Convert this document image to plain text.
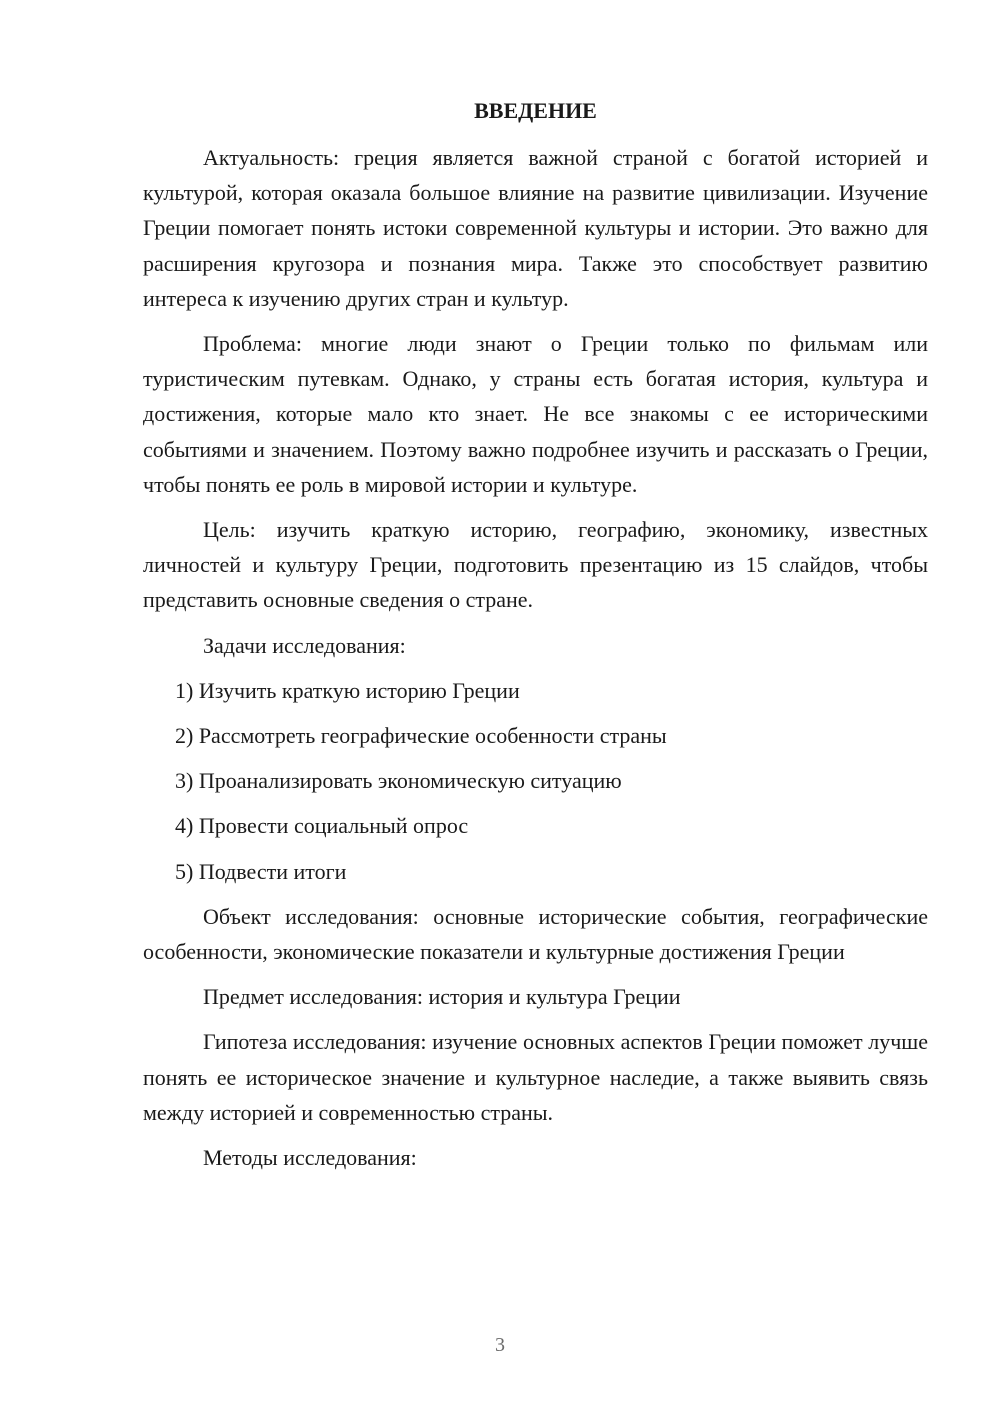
ВВЕДЕНИЕ

Актуальность: греция является важной страной с богатой историей и культурой, которая оказала большое влияние на развитие цивилизации. Изучение Греции помогает понять истоки современной культуры и истории. Это важно для расширения кругозора и познания мира. Также это способствует развитию интереса к изучению других стран и культур.

Проблема: многие люди знают о Греции только по фильмам или туристическим путевкам. Однако, у страны есть богатая история, культура и достижения, которые мало кто знает. Не все знакомы с ее историческими событиями и значением. Поэтому важно подробнее изучить и рассказать о Греции, чтобы понять ее роль в мировой истории и культуре.

Цель: изучить краткую историю, географию, экономику, известных личностей и культуру Греции, подготовить презентацию из 15 слайдов, чтобы представить основные сведения о стране.

Задачи исследования:

1) Изучить краткую историю Греции
2) Рассмотреть географические особенности страны
3) Проанализировать экономическую ситуацию
4) Провести социальный опрос
5) Подвести итоги

Объект исследования: основные исторические события, географические особенности, экономические показатели и культурные достижения Греции

Предмет исследования: история и культура Греции

Гипотеза исследования: изучение основных аспектов Греции поможет лучше понять ее историческое значение и культурное наследие, а также выявить связь между историей и современностью страны.

Методы исследования:

3
